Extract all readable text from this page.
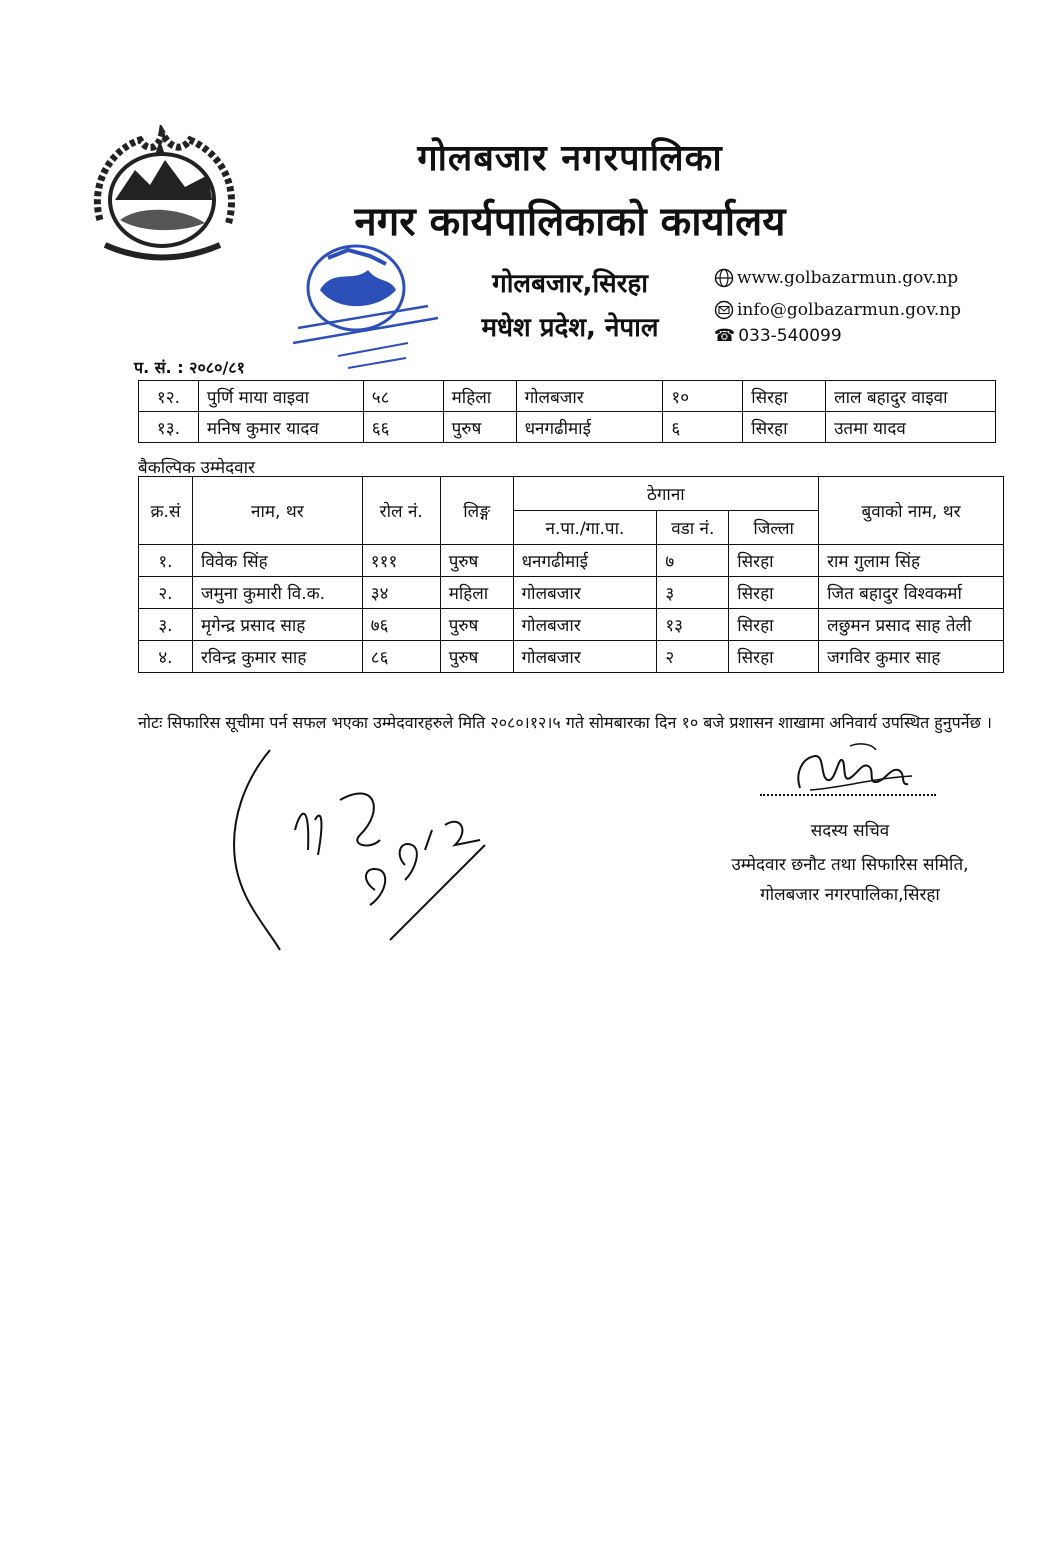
गोलबजार नगरपालिका
नगर कार्यपालिकाको कार्यालय
गोलबजार,सिरहा
मधेश प्रदेश, नेपाल
www.golbazarmun.gov.np
info@golbazarmun.gov.np
☎ 033-540099
प. सं. : २०८०/८१
१२.	पुर्णि माया वाइवा	५८	महिला	गोलबजार	१०	सिरहा	लाल बहादुर वाइवा
१३.	मनिष कुमार यादव	६६	पुरुष	धनगढीमाई	६	सिरहा	उतमा यादव
बैकल्पिक उम्मेदवार
क्र.सं	नाम, थर	रोल नं.	लिङ्ग	ठेगाना			बुवाको नाम, थर
				न.पा./गा.पा.	वडा नं.	जिल्ला	
१.	विवेक सिंह	१११	पुरुष	धनगढीमाई	७	सिरहा	राम गुलाम सिंह
२.	जमुना कुमारी वि.क.	३४	महिला	गोलबजार	३	सिरहा	जित बहादुर विश्वकर्मा
३.	मृगेन्द्र प्रसाद साह	७६	पुरुष	गोलबजार	१३	सिरहा	लछुमन प्रसाद साह तेली
४.	रविन्द्र कुमार साह	८६	पुरुष	गोलबजार	२	सिरहा	जगविर कुमार साह
नोटः सिफारिस सूचीमा पर्न सफल भएका उम्मेदवारहरुले मिति २०८०।१२।५ गते सोमबारका दिन १० बजे प्रशासन शाखामा अनिवार्य उपस्थित हुनुपर्नेछ ।
सदस्य सचिव
उम्मेदवार छनौट तथा सिफारिस समिति,
गोलबजार नगरपालिका,सिरहा
